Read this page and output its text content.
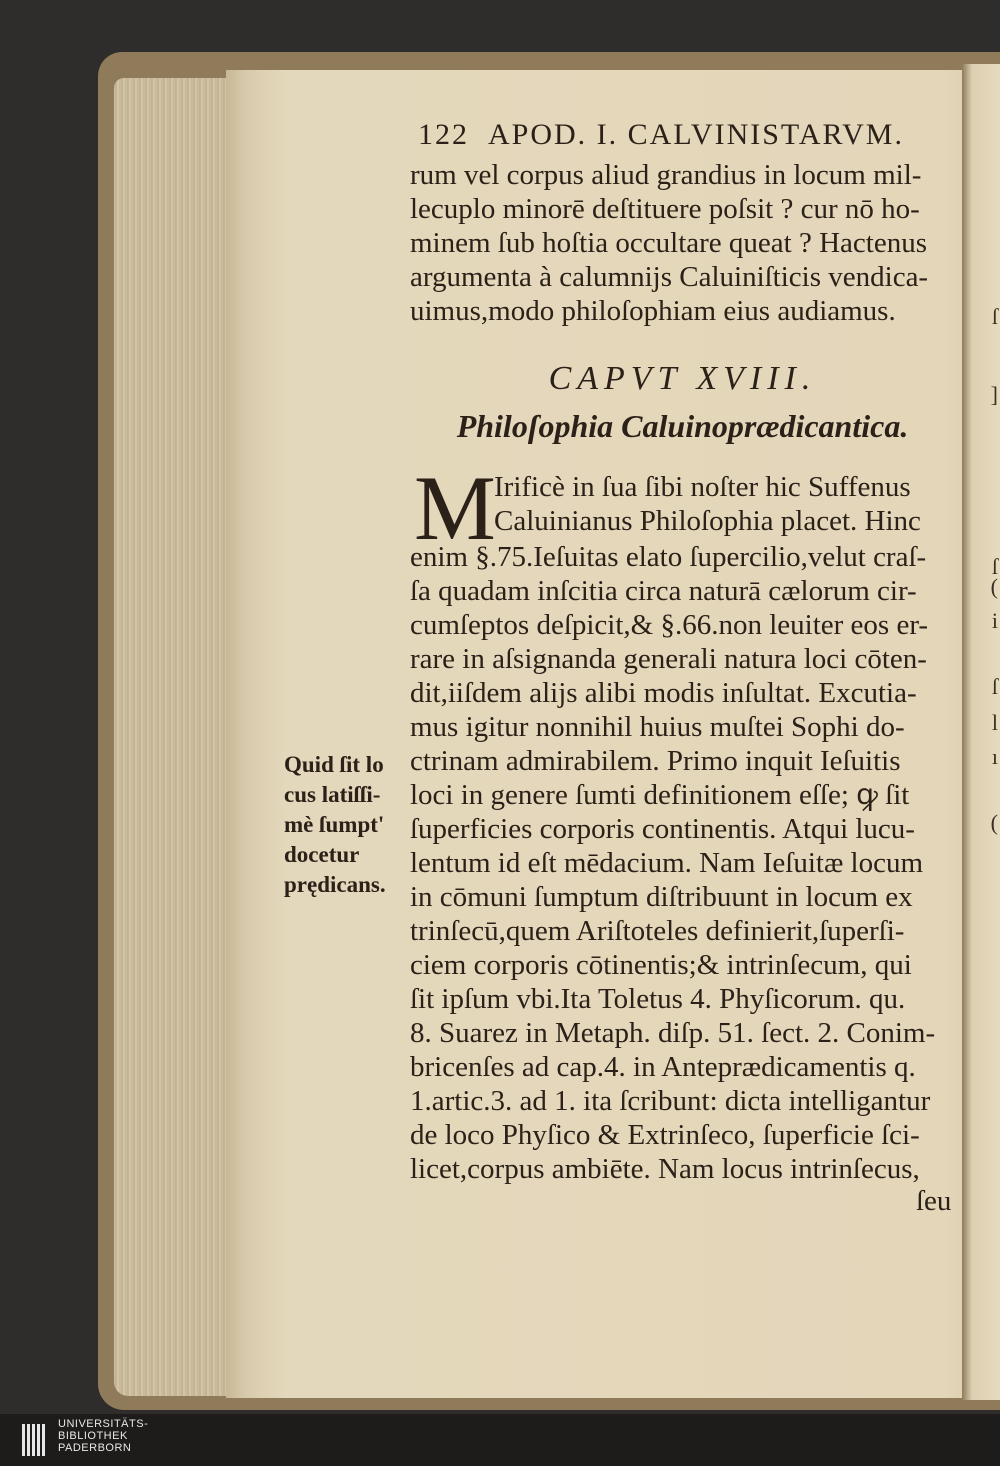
ſ
]
ſ
(
i
ſ
l
ı
(
122 APOD. I. CALVINISTARVM.
rum vel corpus aliud grandius in locum mil-
lecuplo minorē deſtituere poſsit ? cur nō ho-
minem ſub hoſtia occultare queat ? Hactenus
argumenta à calumnijs Caluiniſticis vendica-
uimus,modo philoſophiam eius audiamus.
CAPVT XVIII.
Philoſophia Caluinoprædicantica.
M
Irificè in ſua ſibi noſter hic Suffenus
Caluinianus Philoſophia placet. Hinc
enim §.75.Ieſuitas elato ſupercilio,velut craſ-
ſa quadam inſcitia circa naturā cælorum cir-
cumſeptos deſpicit,& §.66.non leuiter eos er-
rare in aſsignanda generali natura loci cōten-
dit,iiſdem alijs alibi modis inſultat. Excutia-
mus igitur nonnihil huius muſtei Sophi do-
ctrinam admirabilem. Primo inquit Ieſuitis
loci in genere ſumti definitionem eſſe; ꝙ ſit
ſuperficies corporis continentis. Atqui lucu-
lentum id eſt mēdacium. Nam Ieſuitæ locum
in cōmuni ſumptum diſtribuunt in locum ex
trinſecū,quem Ariſtoteles definierit,ſuperſi-
ciem corporis cōtinentis;& intrinſecum, qui
ſit ipſum vbi.Ita Toletus 4. Phyſicorum. qu.
8. Suarez in Metaph. diſp. 51. ſect. 2. Conim-
bricenſes ad cap.4. in Anteprædicamentis q.
1.artic.3. ad 1. ita ſcribunt: dicta intelligantur
de loco Phyſico & Extrinſeco, ſuperficie ſci-
licet,corpus ambiēte. Nam locus intrinſecus,
ſeu
Quid ſit lo
cus latiſſi-
mè ſumpt'
docetur
prędicans.
UNIVERSITÄTS-
BIBLIOTHEK
PADERBORN
